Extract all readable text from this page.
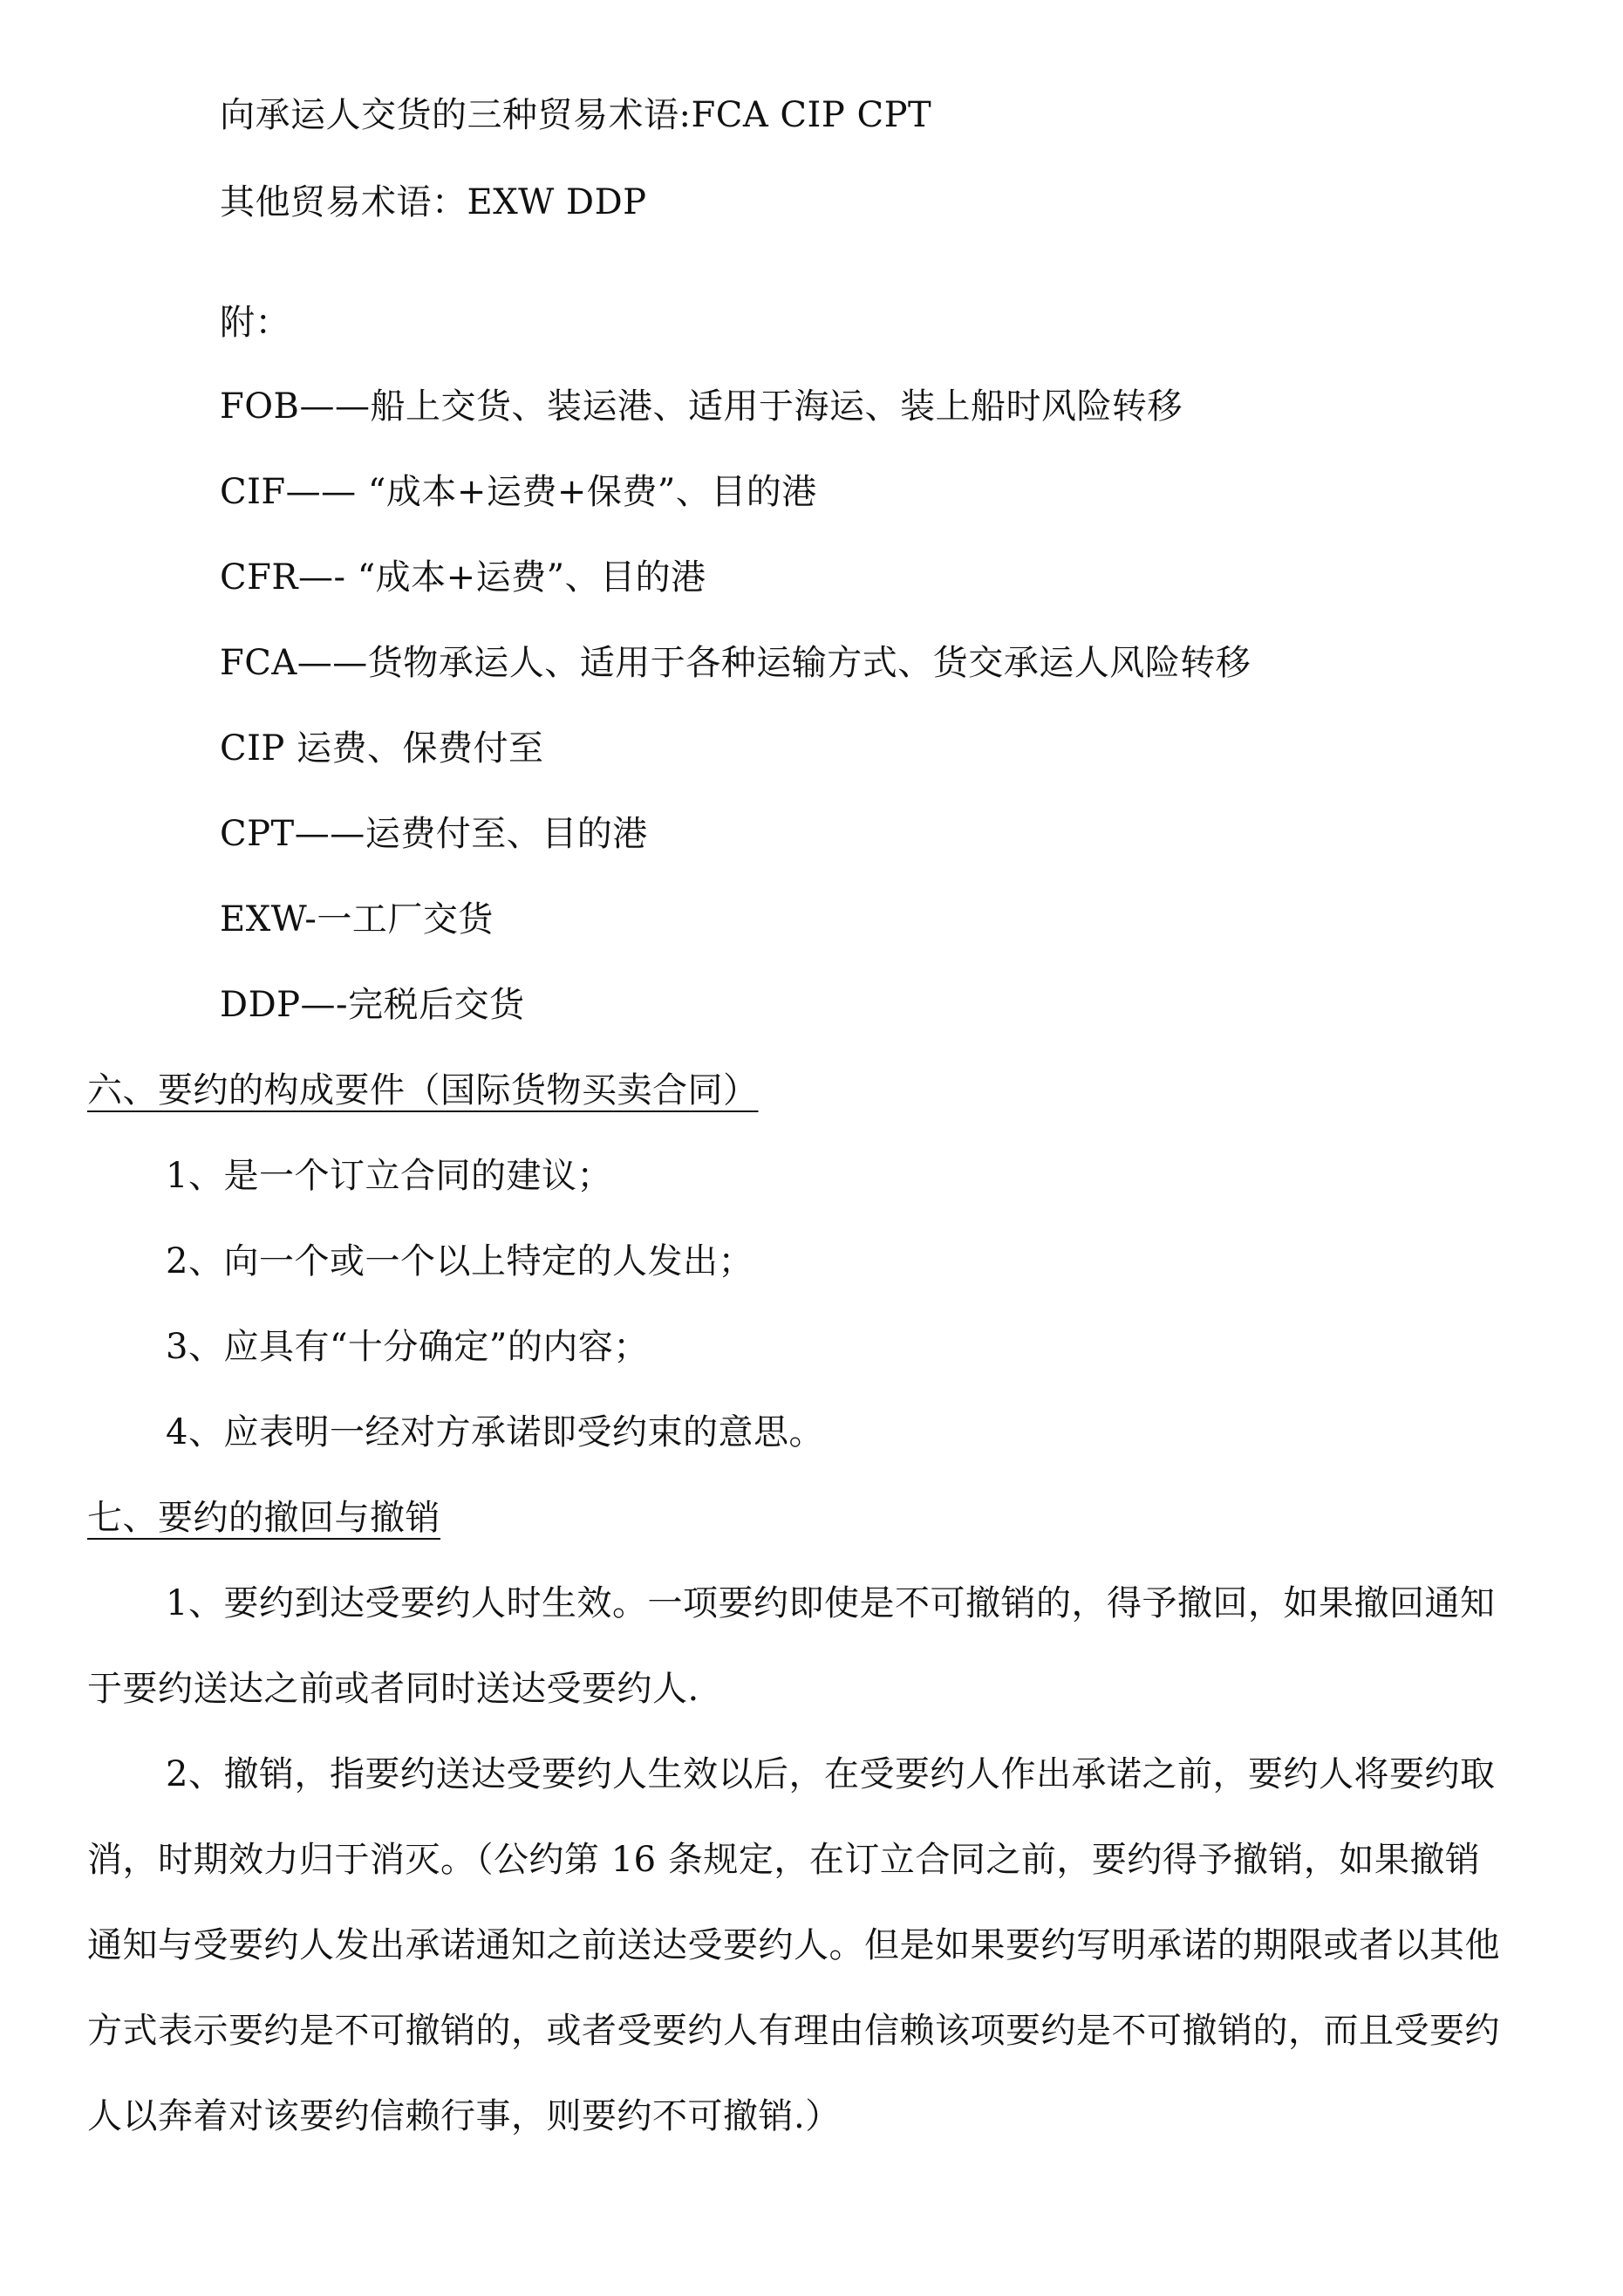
向承运人交货的三种贸易术语:FCA CIP CPT
其他贸易术语：EXW DDP
附：
FOB——船上交货、装运港、适用于海运、装上船时风险转移
CIF—— “成本+运费+保费”、目的港
CFR—- “成本+运费”、目的港
FCA——货物承运人、适用于各种运输方式、货交承运人风险转移
CIP 运费、保费付至
CPT——运费付至、目的港
EXW-一工厂交货
DDP—-完税后交货
六、要约的构成要件（国际货物买卖合同）
1、是一个订立合同的建议；
2、向一个或一个以上特定的人发出；
3、应具有“十分确定”的内容；
4、应表明一经对方承诺即受约束的意思。
七、要约的撤回与撤销
1、要约到达受要约人时生效。一项要约即使是不可撤销的，得予撤回，如果撤回通知
于要约送达之前或者同时送达受要约人.
2、撤销，指要约送达受要约人生效以后，在受要约人作出承诺之前，要约人将要约取
消，时期效力归于消灭。（公约第 16 条规定，在订立合同之前，要约得予撤销，如果撤销
通知与受要约人发出承诺通知之前送达受要约人。但是如果要约写明承诺的期限或者以其他
方式表示要约是不可撤销的，或者受要约人有理由信赖该项要约是不可撤销的，而且受要约
人以奔着对该要约信赖行事，则要约不可撤销.）
